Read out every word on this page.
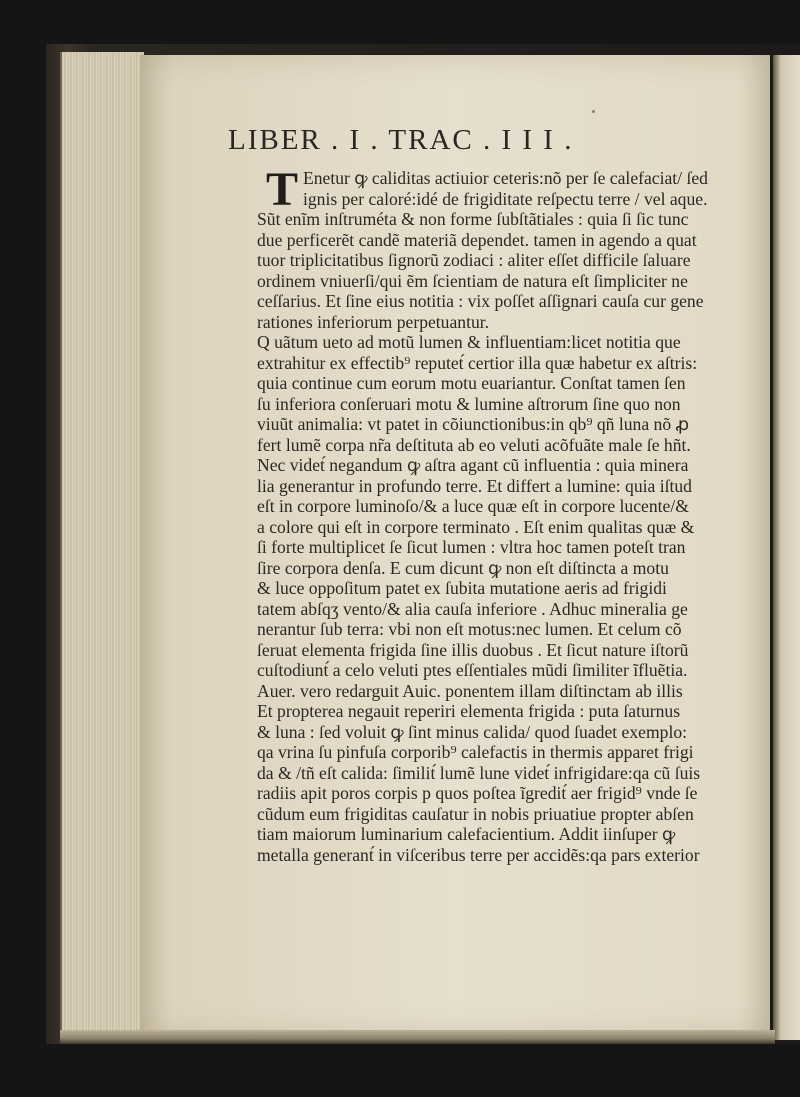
LIBER . I . TRAC . I I I .
T Enetur ꝙ caliditas actiuior ceteris:nõ per ſe calefaciat/ ſed
ignis per caloré:idé de frigiditate reſpectu terre / vel aque.
Sũt enĩm inſtruméta & non forme ſubſtãtiales : quia ſi ſic tunc
due perficerẽt candẽ materiã dependet. tamen in agendo a quat
tuor triplicitatibus ſignorũ zodiaci : aliter eſſet difficile ſaluare
ordinem vniuerſi/qui ẽm ſcientiam de natura eſt ſimpliciter ne
ceſſarius. Et ſine eius notitia : vix poſſet aſſignari cauſa cur gene
rationes inferiorum perpetuantur.
Q uãtum ueto ad motũ lumen & influentiam:licet notitia que
extrahitur ex effectib⁹ reputet́ certior illa quæ habetur ex aſtris:
quia continue cum eorum motu euariantur. Conſtat tamen ſen
ſu inferiora conſeruari motu & lumine aſtrorum ſine quo non
viuũt animalia: vt patet in cõiunctionibus:in qb⁹ qñ luna nõ ꝓ
fert lumẽ corpa nr̃a deſtituta ab eo veluti acõfuãte male ſe hñt.
Nec videt́ negandum ꝙ aſtra agant cũ influentia : quia minera
lia generantur in profundo terre. Et differt a lumine: quia iſtud
eſt in corpore luminoſo/& a luce quæ eſt in corpore lucente/&
a colore qui eſt in corpore terminato . Eſt enim qualitas quæ &
ſi forte multiplicet ſe ſicut lumen : vltra hoc tamen poteſt tran
ſire corpora denſa. E cum dicunt ꝙ non eſt diſtincta a motu
& luce oppoſitum patet ex ſubita mutatione aeris ad frigidi
tatem abſqʒ vento/& alia cauſa inferiore . Adhuc mineralia ge
nerantur ſub terra: vbi non eſt motus:nec lumen. Et celum cõ
ſeruat elementa frigida ſine illis duobus . Et ſicut nature iſtorũ
cuſtodiunt́ a celo veluti ptes eſſentiales mũdi ſimiliter ĩfluẽtia.
Auer. vero redarguit Auic. ponentem illam diſtinctam ab illis
Et propterea negauit reperiri elementa frigida : puta ſaturnus
& luna : ſed voluit ꝙ ſint minus calida/ quod ſuadet exemplo:
qa vrina ſu pinfuſa corporib⁹ calefactis in thermis apparet frigi
da & /tñ eſt calida: ſimilit́ lumẽ lune videt́ infrigidare:qa cũ ſuis
radiis apit poros corpis p quos poſtea ĩgredit́ aer frigid⁹ vnde ſe
cũdum eum frigiditas cauſatur in nobis priuatiue propter abſen
tiam maiorum luminarium calefacientium. Addit iinſuper ꝙ
metalla generant́ in viſceribus terre per accidẽs:qa pars exterior
